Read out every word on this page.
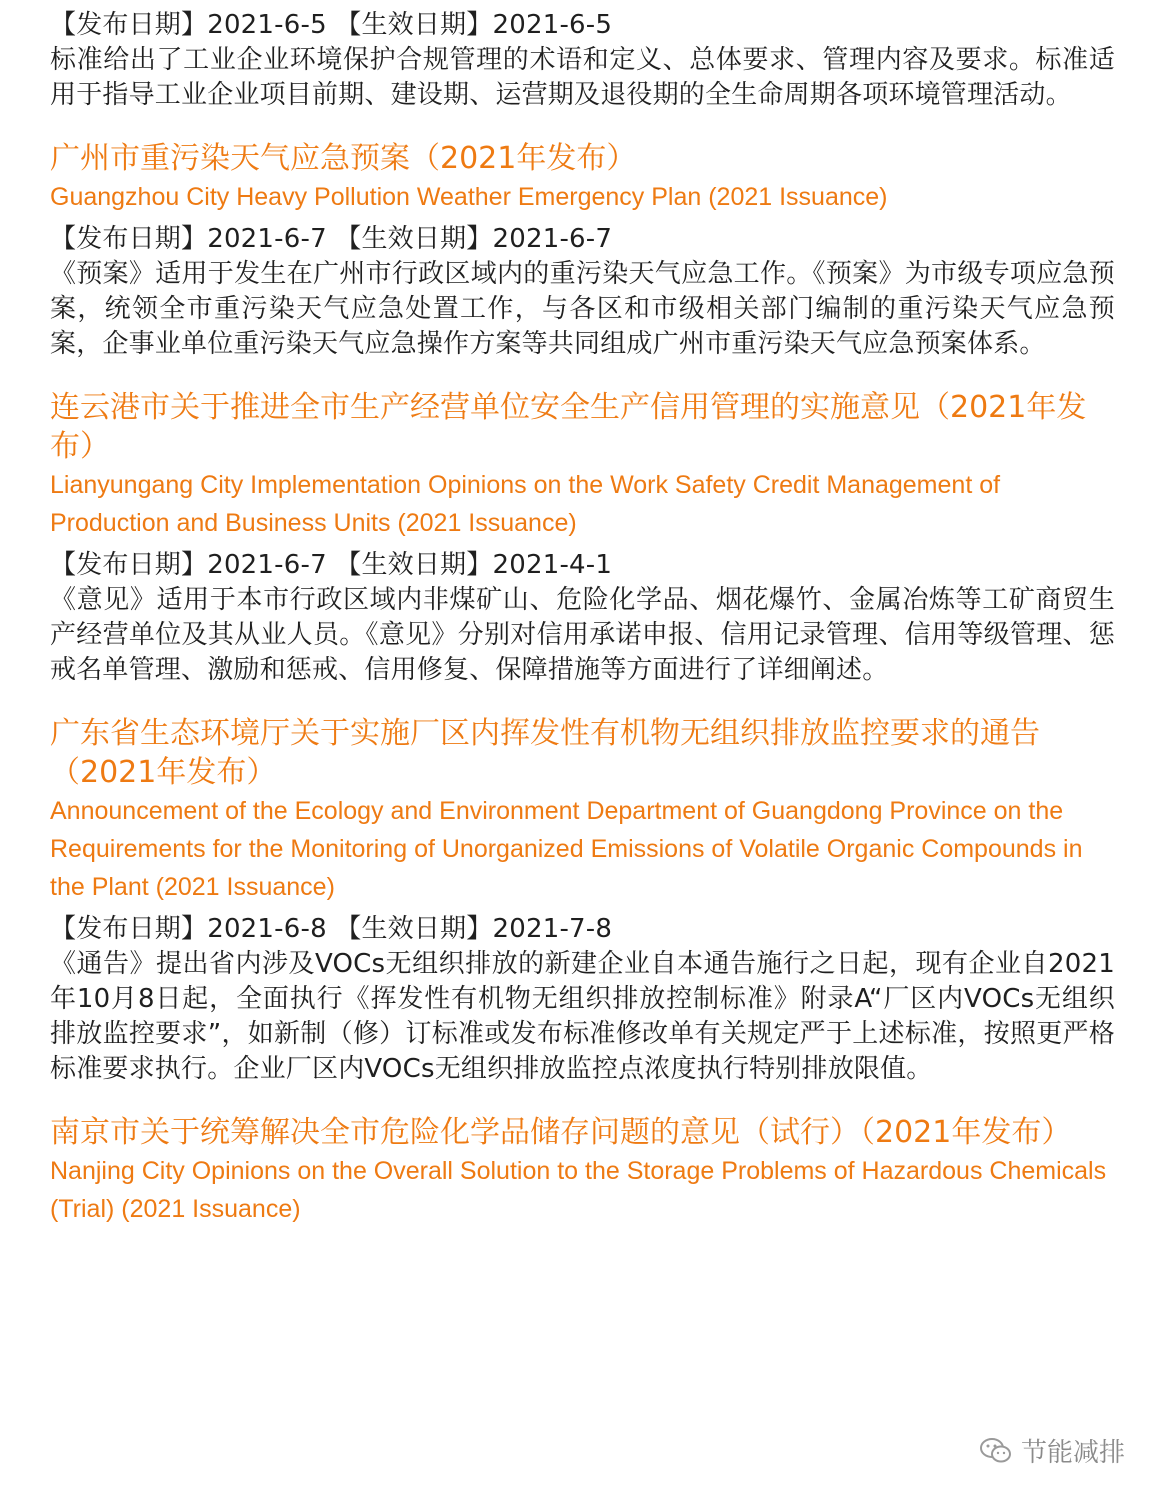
【发布日期】2021-6-5 【生效日期】2021-6-5

标准给出了工业企业环境保护合规管理的术语和定义、总体要求、管理内容及要求。标准适用于指导工业企业项目前期、建设期、运营期及退役期的全生命周期各项环境管理活动。

广州市重污染天气应急预案（2021年发布）

Guangzhou City Heavy Pollution Weather Emergency Plan (2021 Issuance)

【发布日期】2021-6-7 【生效日期】2021-6-7

《预案》适用于发生在广州市行政区域内的重污染天气应急工作。《预案》为市级专项应急预案，统领全市重污染天气应急处置工作，与各区和市级相关部门编制的重污染天气应急预案，企事业单位重污染天气应急操作方案等共同组成广州市重污染天气应急预案体系。

连云港市关于推进全市生产经营单位安全生产信用管理的实施意见（2021年发布）

Lianyungang City Implementation Opinions on the Work Safety Credit Management of Production and Business Units (2021 Issuance)

【发布日期】2021-6-7 【生效日期】2021-4-1

《意见》适用于本市行政区域内非煤矿山、危险化学品、烟花爆竹、金属冶炼等工矿商贸生产经营单位及其从业人员。《意见》分别对信用承诺申报、信用记录管理、信用等级管理、惩戒名单管理、激励和惩戒、信用修复、保障措施等方面进行了详细阐述。

广东省生态环境厅关于实施厂区内挥发性有机物无组织排放监控要求的通告（2021年发布）

Announcement of the Ecology and Environment Department of Guangdong Province on the Requirements for the Monitoring of Unorganized Emissions of Volatile Organic Compounds in the Plant (2021 Issuance)

【发布日期】2021-6-8 【生效日期】2021-7-8

《通告》提出省内涉及VOCs无组织排放的新建企业自本通告施行之日起，现有企业自2021年10月8日起，全面执行《挥发性有机物无组织排放控制标准》附录A“厂区内VOCs无组织排放监控要求”，如新制（修）订标准或发布标准修改单有关规定严于上述标准，按照更严格标准要求执行。企业厂区内VOCs无组织排放监控点浓度执行特别排放限值。

南京市关于统筹解决全市危险化学品储存问题的意见（试行）（2021年发布）

Nanjing City Opinions on the Overall Solution to the Storage Problems of Hazardous Chemicals (Trial) (2021 Issuance)

节能减排
